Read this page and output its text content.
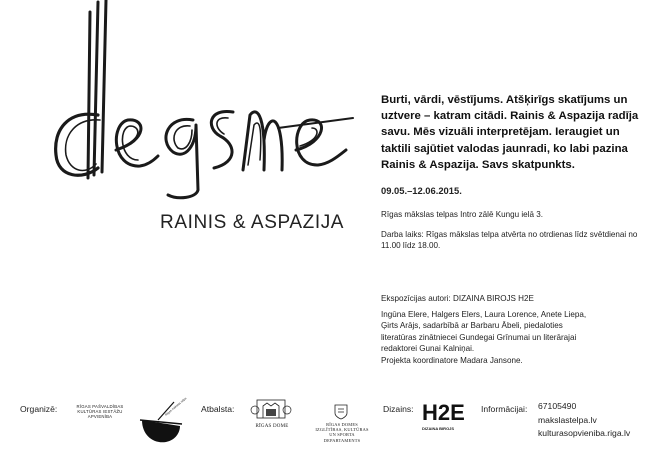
RAINIS & ASPAZIJA

Burti, vārdi, vēstījums. Atšķirīgs skatījums un uztvere – katram citādi. Rainis & Aspazija radīja savu. Mēs vizuāli interpretējam. Ieraugiet un taktili sajūtiet valodas jaunradi, ko labi pazina Rainis & Aspazija. Savs skatpunkts.

09.05.–12.06.2015.

Rīgas mākslas telpas Intro zālē Kungu ielā 3.

Darba laiks: Rīgas mākslas telpa atvērta no otrdienas līdz svētdienai no 11.00 līdz 18.00.

Ekspozīcijas autori: DIZAINA BIROJS H2E

Ingūna Elere, Halgers Elers, Laura Lorence, Anete Liepa,

Ģirts Arājs, sadarbībā ar Barbaru Ābeli, piedaloties

literatūras zinātniecei Gundegai Grīnumai un literārajai

redaktorei Gunai Kalniņai.

Projekta koordinatore Madara Jansone.

Organizē:	RĪGAS PAŠVALDĪBAS KULTŪRAS IESTĀŽU APVIENĪBA
Rīgas mākslas telpa Atbalsta:
RĪGAS DOME	RĪGAS DOMES IZGLĪTĪBAS, KULTŪRAS UN SPORTA DEPARTAMENTS
Dizains: H2E
DIZAINA BIROJS
Informācijai: 67105490
makslastelpa.lv
kulturasopvieniba.riga.lv
